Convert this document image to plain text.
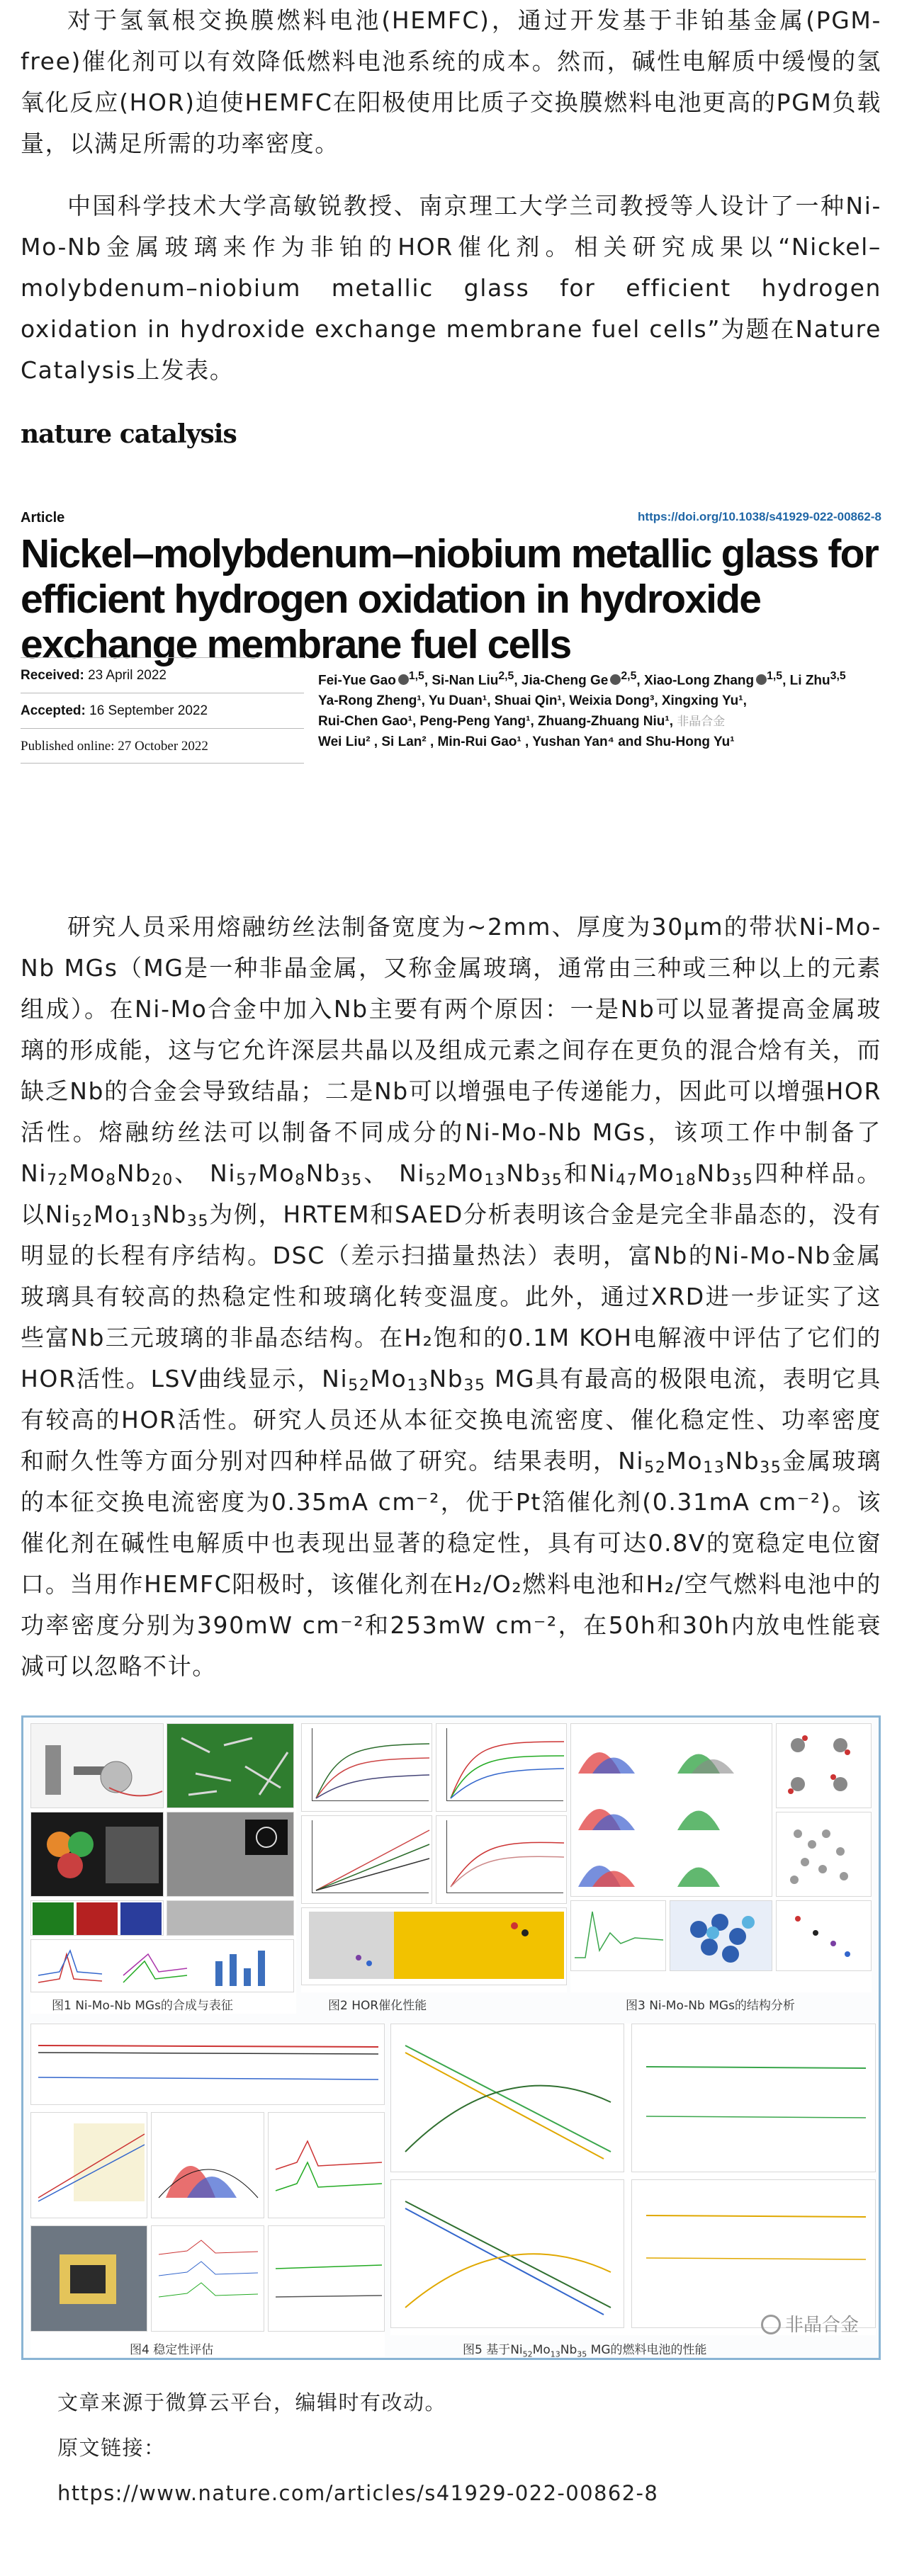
对于氢氧根交换膜燃料电池(HEMFC)，通过开发基于非铂基金属(PGM-free)催化剂可以有效降低燃料电池系统的成本。然而，碱性电解质中缓慢的氢氧化反应(HOR)迫使HEMFC在阳极使用比质子交换膜燃料电池更高的PGM负载量，以满足所需的功率密度。

中国科学技术大学高敏锐教授、南京理工大学兰司教授等人设计了一种Ni-Mo-Nb金属玻璃来作为非铂的HOR催化剂。相关研究成果以“Nickel–molybdenum–niobium metallic glass for efficient hydrogen oxidation in hydroxide exchange membrane fuel cells”为题在Nature Catalysis上发表。

nature catalysis
Article	https://doi.org/10.1038/s41929-022-00862-8
Nickel–molybdenum–niobium metallic glass for efficient hydrogen oxidation in hydroxide exchange membrane fuel cells
Received: 23 April 2022
Accepted: 16 September 2022
Published online: 27 October 2022
Fei-Yue Gao $^{1,5}$, Si-Nan Liu$^{2,5}$, Jia-Cheng Ge $^{2,5}$, Xiao-Long Zhang $^{1,5}$, Li Zhu$^{3,5}$
Ya-Rong Zheng¹, Yu Duan¹, Shuai Qin¹, Weixia Dong³, Xingxing Yu¹,
Rui-Chen Gao¹, Peng-Peng Yang¹, Zhuang-Zhuang Niu¹, 非晶合金
Wei Liu² , Si Lan² , Min-Rui Gao¹ , Yushan Yan⁴ and Shu-Hong Yu¹

研究人员采用熔融纺丝法制备宽度为~2mm、厚度为30μm的带状Ni-Mo-Nb MGs（MG是一种非晶金属，又称金属玻璃，通常由三种或三种以上的元素组成）。在Ni-Mo合金中加入Nb主要有两个原因：一是Nb可以显著提高金属玻璃的形成能，这与它允许深层共晶以及组成元素之间存在更负的混合焓有关，而缺乏Nb的合金会导致结晶；二是Nb可以增强电子传递能力，因此可以增强HOR活性。熔融纺丝法可以制备不同成分的Ni-Mo-Nb MGs，该项工作中制备了 $Ni_{72}Mo_8Nb_{20}$、 $Ni_{57}Mo_8Nb_{35}$、 $Ni_{52}Mo_{13}Nb_{35}$和$Ni_{47}Mo_{18}Nb_{35}$四种样品。以$Ni_{52}Mo_{13}Nb_{35}$为例，HRTEM和SAED分析表明该合金是完全非晶态的，没有明显的长程有序结构。DSC（差示扫描量热法）表明，富Nb的Ni-Mo-Nb金属玻璃具有较高的热稳定性和玻璃化转变温度。此外，通过XRD进一步证实了这些富Nb三元玻璃的非晶态结构。在H₂饱和的0.1M KOH电解液中评估了它们的HOR活性。LSV曲线显示，$Ni_{52}Mo_{13}Nb_{35}$ MG具有最高的极限电流，表明它具有较高的HOR活性。研究人员还从本征交换电流密度、催化稳定性、功率密度和耐久性等方面分别对四种样品做了研究。结果表明，$Ni_{52}Mo_{13}Nb_{35}$金属玻璃的本征交换电流密度为0.35mA cm⁻²，优于Pt箔催化剂(0.31mA cm⁻²)。该催化剂在碱性电解质中也表现出显著的稳定性，具有可达0.8V的宽稳定电位窗口。当用作HEMFC阳极时，该催化剂在H₂/O₂燃料电池和H₂/空气燃料电池中的功率密度分别为390mW cm⁻²和253mW cm⁻²，在50h和30h内放电性能衰减可以忽略不计。

图1 Ni-Mo-Nb MGs的合成与表征	图2 HOR催化性能	图3 Ni-Mo-Nb MGs的结构分析
图4 稳定性评估	图5 基于$Ni_{52}Mo_{13}Nb_{35}$ MG的燃料电池的性能
非晶合金
文章来源于微算云平台，编辑时有改动。
原文链接：
https://www.nature.com/articles/s41929-022-00862-8
